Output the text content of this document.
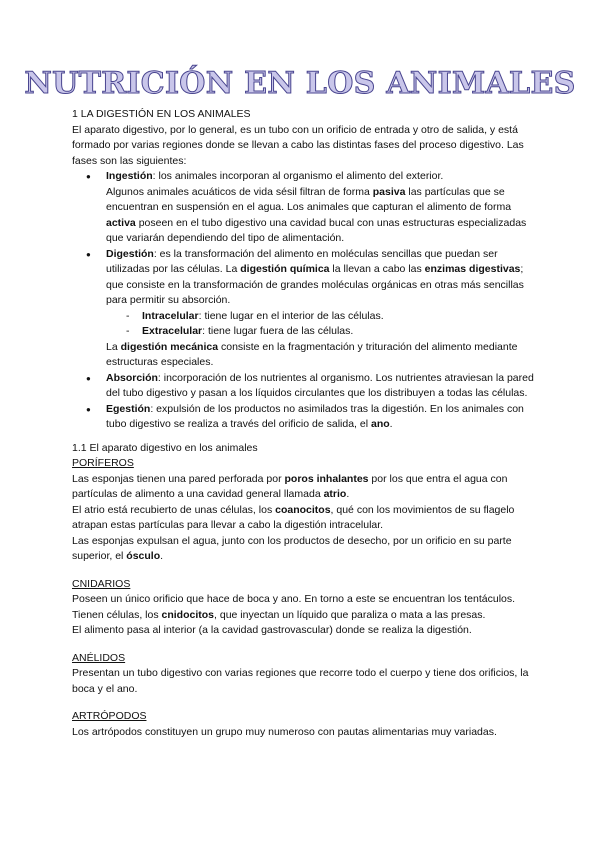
NUTRICIÓN EN LOS ANIMALES

1 LA DIGESTIÓN EN LOS ANIMALES

El aparato digestivo, por lo general, es un tubo con un orificio de entrada y otro de salida, y está formado por varias regiones donde se llevan a cabo las distintas fases del proceso digestivo. Las fases son las siguientes:

● Ingestión: los animales incorporan al organismo el alimento del exterior.
Algunos animales acuáticos de vida sésil filtran de forma pasiva las partículas que se encuentran en suspensión en el agua. Los animales que capturan el alimento de forma activa poseen en el tubo digestivo una cavidad bucal con unas estructuras especializadas que variarán dependiendo del tipo de alimentación.
● Digestión: es la transformación del alimento en moléculas sencillas que puedan ser utilizadas por las células. La digestión química la llevan a cabo las enzimas digestivas; que consiste en la transformación de grandes moléculas orgánicas en otras más sencillas para permitir su absorción.
- Intracelular: tiene lugar en el interior de las células.
- Extracelular: tiene lugar fuera de las células.
La digestión mecánica consiste en la fragmentación y trituración del alimento mediante estructuras especiales.
● Absorción: incorporación de los nutrientes al organismo. Los nutrientes atraviesan la pared del tubo digestivo y pasan a los líquidos circulantes que los distribuyen a todas las células.
● Egestión: expulsión de los productos no asimilados tras la digestión. En los animales con tubo digestivo se realiza a través del orificio de salida, el ano.

1.1 El aparato digestivo en los animales

PORÍFEROS

Las esponjas tienen una pared perforada por poros inhalantes por los que entra el agua con partículas de alimento a una cavidad general llamada atrio.

El atrio está recubierto de unas células, los coanocitos, qué con los movimientos de su flagelo atrapan estas partículas para llevar a cabo la digestión intracelular.

Las esponjas expulsan el agua, junto con los productos de desecho, por un orificio en su parte superior, el ósculo.

CNIDARIOS

Poseen un único orificio que hace de boca y ano. En torno a este se encuentran los tentáculos. Tienen células, los cnidocitos, que inyectan un líquido que paraliza o mata a las presas.

El alimento pasa al interior (a la cavidad gastrovascular) donde se realiza la digestión.

ANÉLIDOS

Presentan un tubo digestivo con varias regiones que recorre todo el cuerpo y tiene dos orificios, la boca y el ano.

ARTRÓPODOS

Los artrópodos constituyen un grupo muy numeroso con pautas alimentarias muy variadas.
